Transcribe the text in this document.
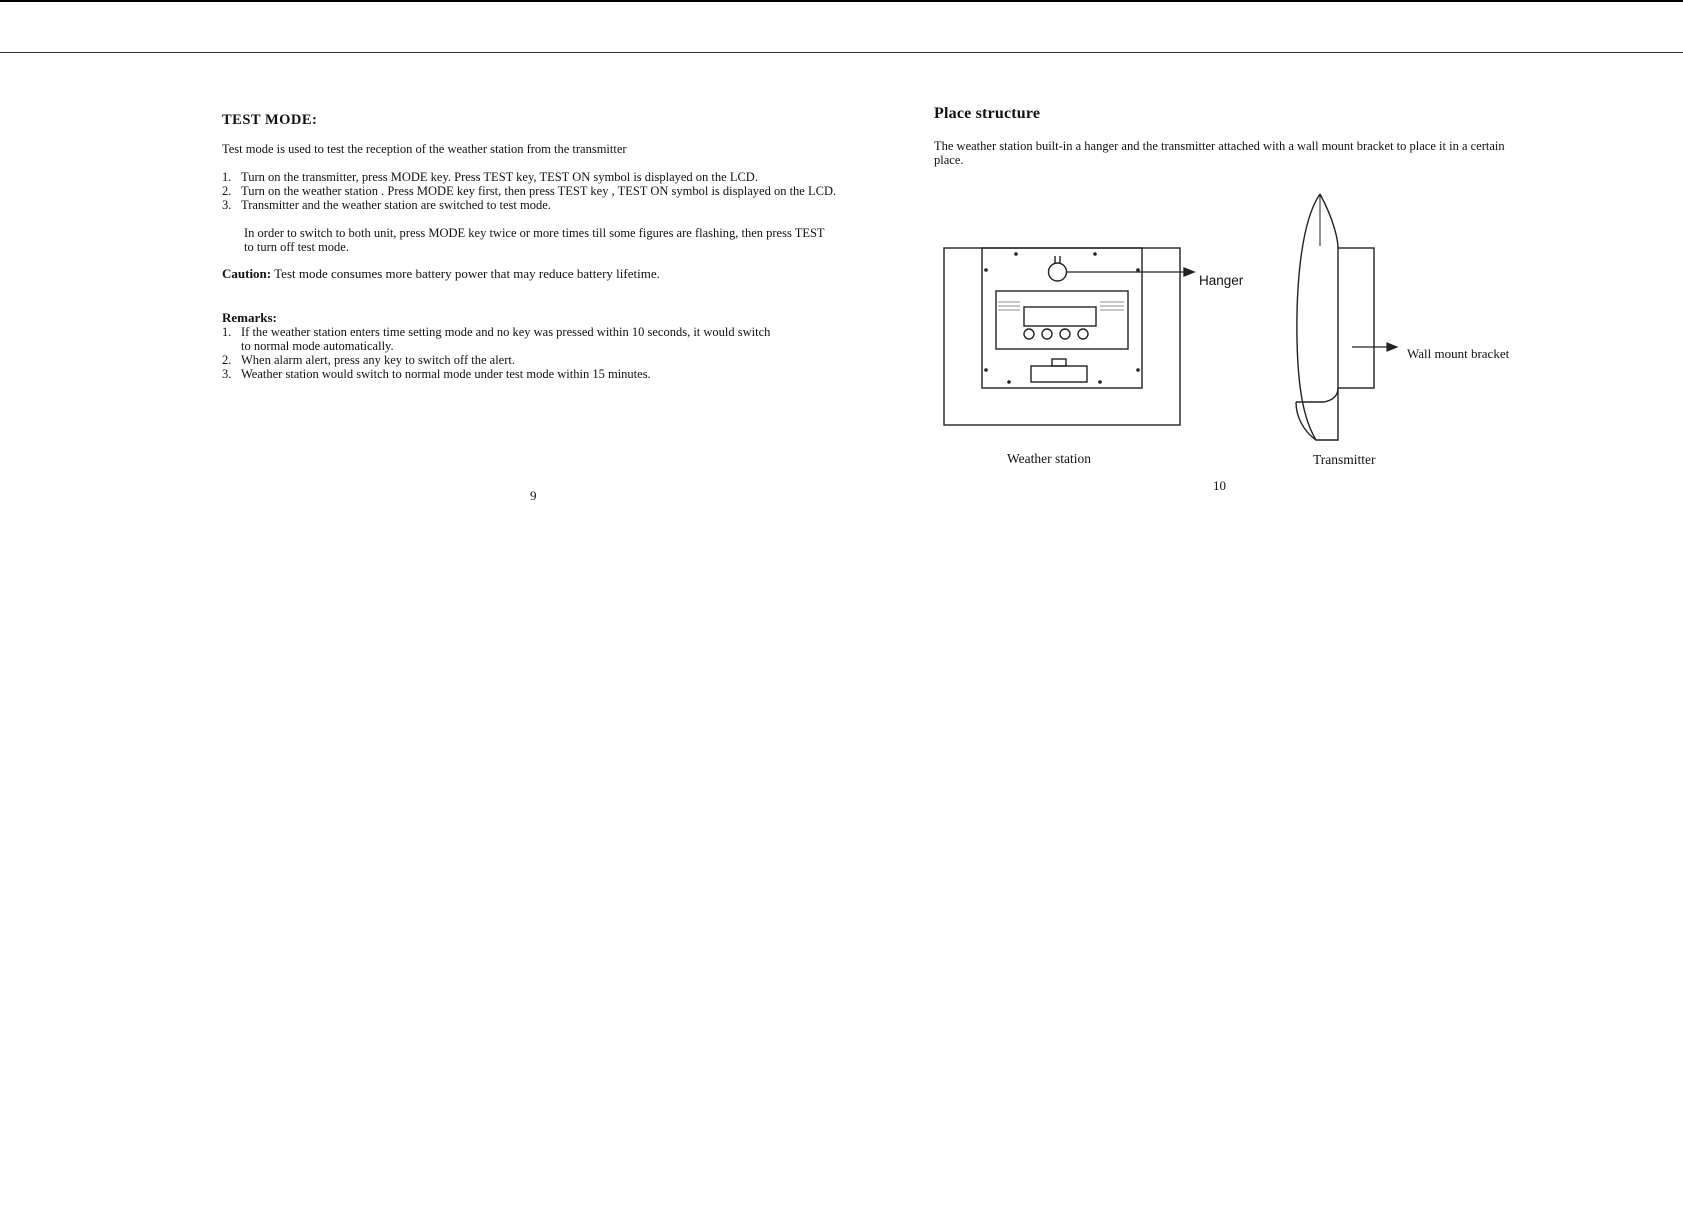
TEST MODE:

Test mode is used to test the reception of the weather station from the transmitter

1. Turn on the transmitter, press MODE key. Press TEST key, TEST ON symbol is displayed on the LCD.
2. Turn on the weather station . Press MODE key first, then press TEST key , TEST ON symbol is displayed on the LCD.
3. Transmitter and the weather station are switched to test mode.

In order to switch to both unit, press MODE key twice or more times till some figures are flashing, then press TEST to turn off test mode.

Caution: Test mode consumes more battery power that may reduce battery lifetime.

Remarks:

1. If the weather station enters time setting mode and no key was pressed within 10 seconds, it would switch to normal mode automatically.
2. When alarm alert, press any key to switch off the alert.
3. Weather station would switch to normal mode under test mode within 15 minutes.
9
Place structure

The weather station built-in a hanger and the transmitter attached with a wall mount bracket to place it in a certain place.

Hanger
Wall mount bracket
Weather station	Transmitter
10
